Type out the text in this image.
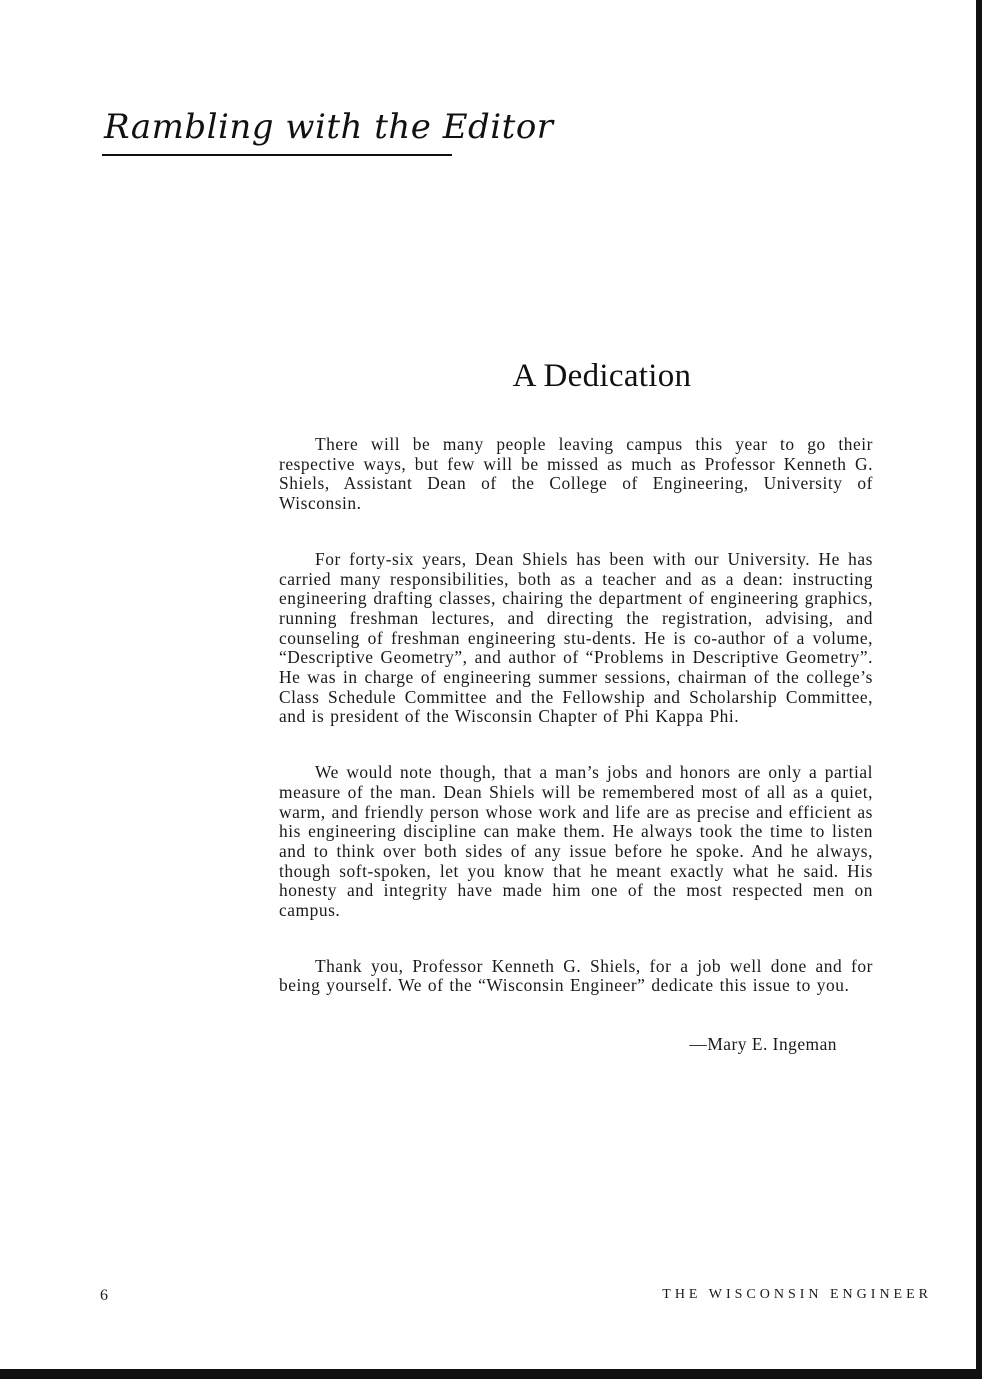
Rambling with the Editor
A Dedication

There will be many people leaving campus this year to go their respective ways, but few will be missed as much as Professor Kenneth G. Shiels, Assistant Dean of the College of Engineering, University of Wisconsin.

For forty-six years, Dean Shiels has been with our University. He has carried many responsibilities, both as a teacher and as a dean: instructing engineering drafting classes, chairing the department of engineering graphics, running freshman lectures, and directing the registration, advising, and counseling of freshman engineering stu-dents. He is co-author of a volume, “Descriptive Geometry”, and author of “Problems in Descriptive Geometry”. He was in charge of engineering summer sessions, chairman of the college’s Class Schedule Committee and the Fellowship and Scholarship Committee, and is president of the Wisconsin Chapter of Phi Kappa Phi.

We would note though, that a man’s jobs and honors are only a partial measure of the man. Dean Shiels will be remembered most of all as a quiet, warm, and friendly person whose work and life are as precise and efficient as his engineering discipline can make them. He always took the time to listen and to think over both sides of any issue before he spoke. And he always, though soft-spoken, let you know that he meant exactly what he said. His honesty and integrity have made him one of the most respected men on campus.

Thank you, Professor Kenneth G. Shiels, for a job well done and for being yourself. We of the “Wisconsin Engineer” dedicate this issue to you.

—Mary E. Ingeman
6	THE WISCONSIN ENGINEER
